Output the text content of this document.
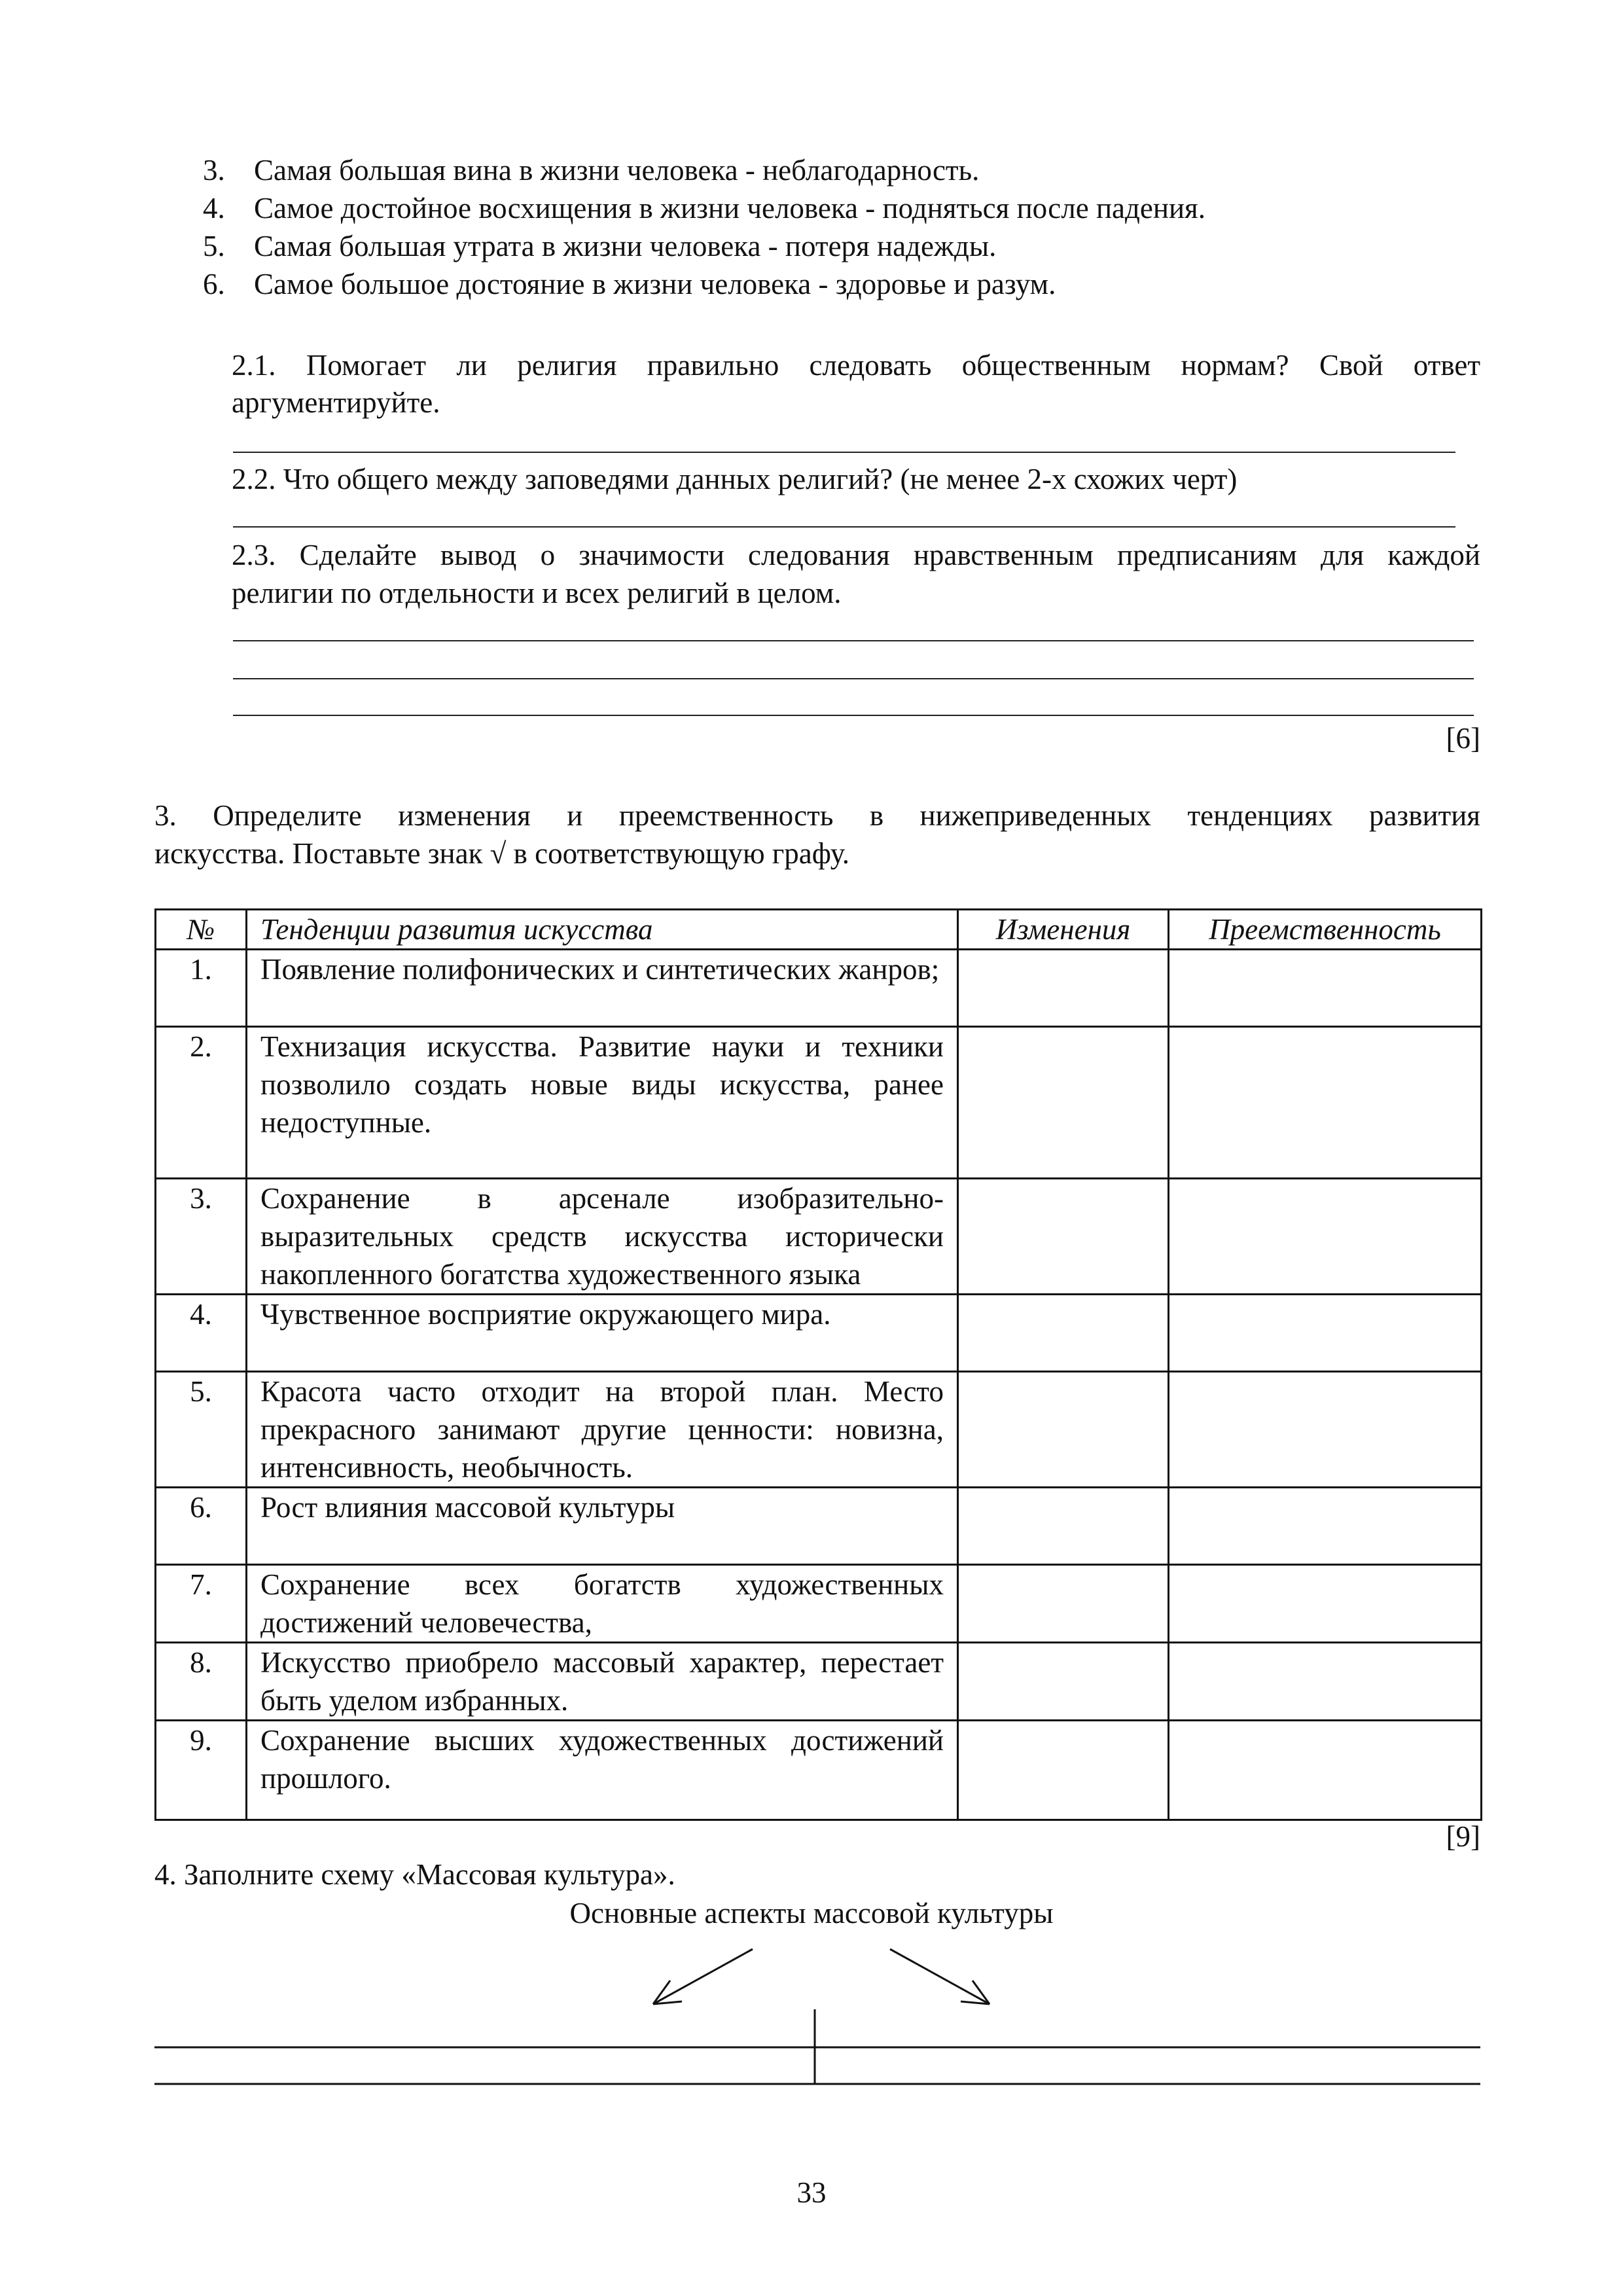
3. Самая большая вина в жизни человека - неблагодарность.
4. Самое достойное восхищения в жизни человека - подняться после падения.
5. Самая большая утрата в жизни человека - потеря надежды.
6. Самое большое достояние в жизни человека - здоровье и разум.
2.1. Помогает ли религия правильно следовать общественным нормам? Свой ответ
аргументируйте.
2.2. Что общего между заповедями данных религий? (не менее 2-х схожих черт)
2.3. Сделайте вывод о значимости следования нравственным предписаниям для каждой
религии по отдельности и всех религий в целом.
[6]
3. Определите изменения и преемственность в нижеприведенных тенденциях развития
искусства. Поставьте знак √ в соответствующую графу.
№	Тенденции развития искусства	Изменения	Преемственность
1.	Появление полифонических и синтетических жанров;		
2.	Технизация искусства. Развитие науки и техники позволило создать новые виды искусства, ранее недоступные.		
3.	Сохранение в арсенале изобразительно-выразительных средств искусства исторически накопленного богатства художественного языка		
4.	Чувственное восприятие окружающего мира.		
5.	Красота часто отходит на второй план. Место прекрасного занимают другие ценности: новизна, интенсивность, необычность.		
6.	Рост влияния массовой культуры		
7.	Сохранение всех богатств художественных достижений человечества,		
8.	Искусство приобрело массовый характер, перестает быть уделом избранных.		
9.	Сохранение высших художественных достижений прошлого.		
[9]
4. Заполните схему «Массовая культура».
Основные аспекты массовой культуры
33
